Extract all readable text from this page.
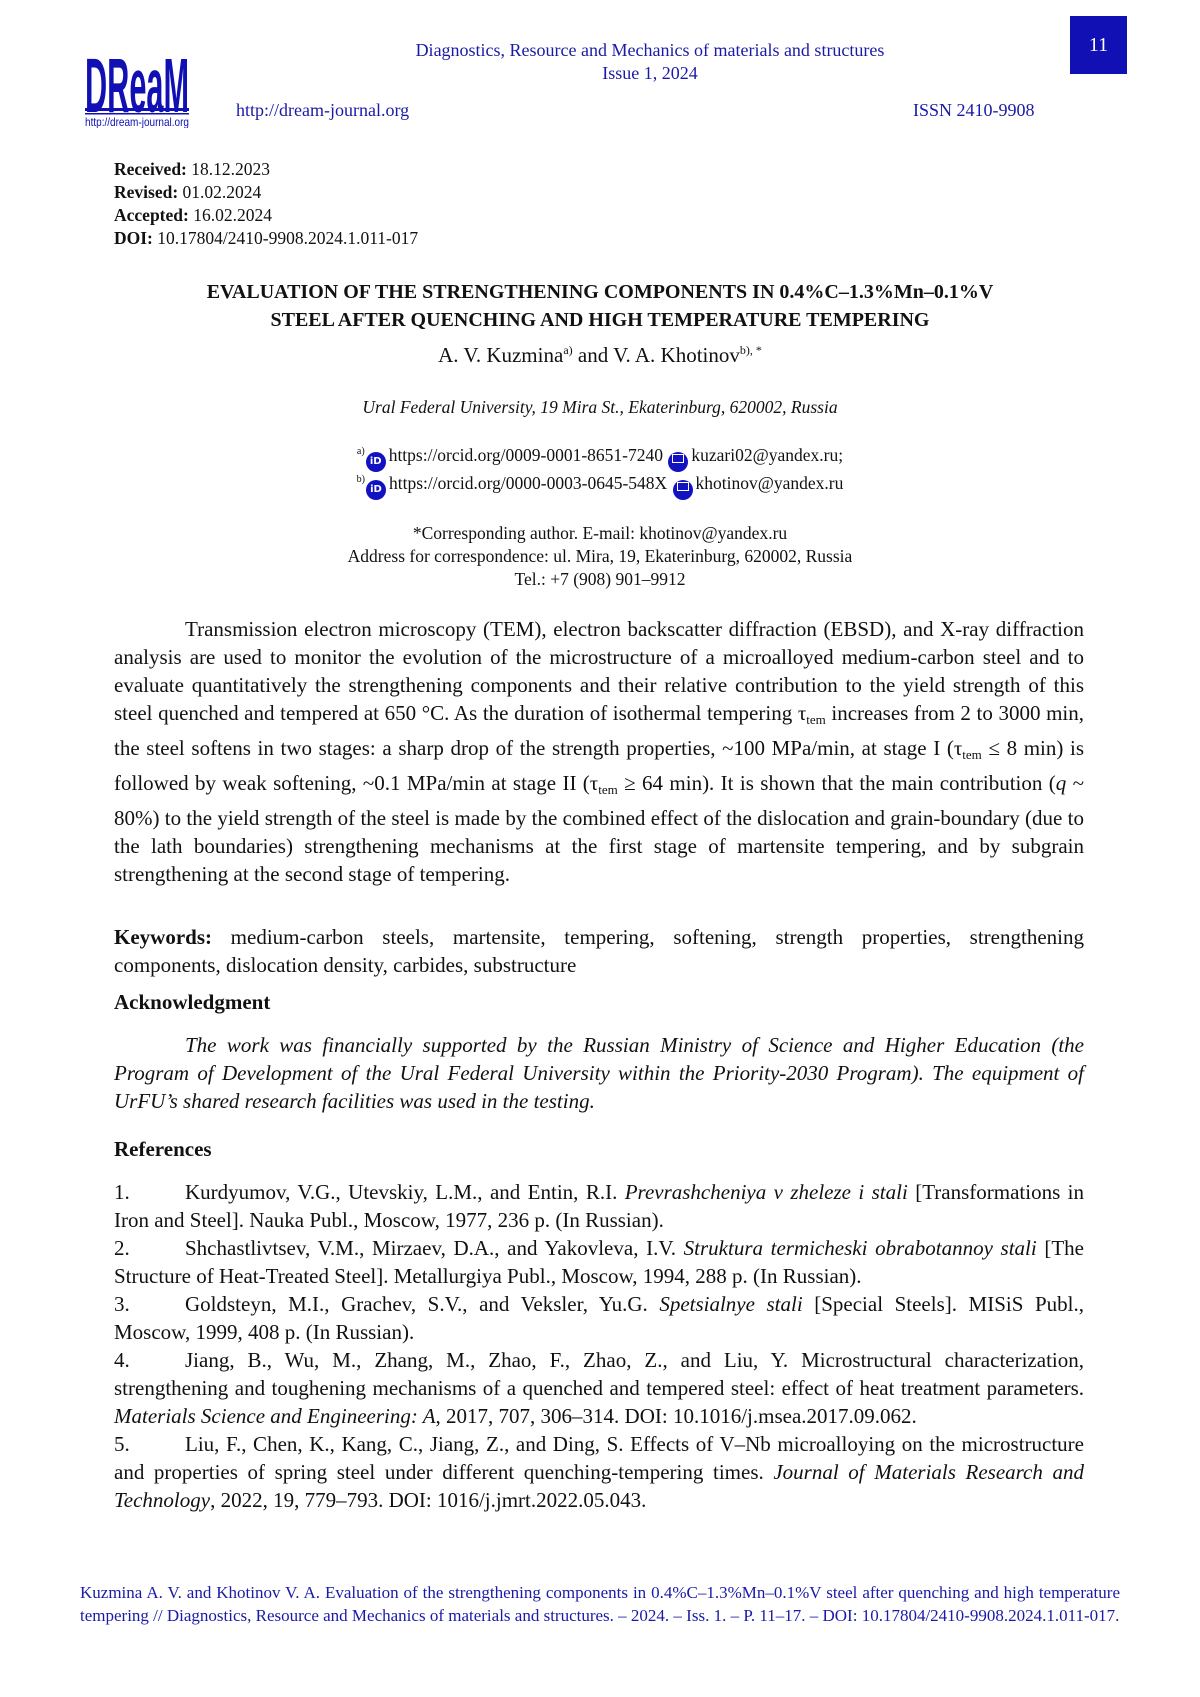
DReaM
http://dream-journal.org
Diagnostics, Resource and Mechanics of materials and structures
Issue 1, 2024
http://dream-journal.org	ISSN 2410-9908
11
Received: 18.12.2023
Revised: 01.02.2024
Accepted: 16.02.2024
DOI: 10.17804/2410-9908.2024.1.011-017
EVALUATION OF THE STRENGTHENING COMPONENTS IN 0.4%C–1.3%Mn–0.1%V
STEEL AFTER QUENCHING AND HIGH TEMPERATURE TEMPERING
A. V. Kuzminaa) and V. A. Khotinovb), *
Ural Federal University, 19 Mira St., Ekaterinburg, 620002, Russia
a)iD https://orcid.org/0009-0001-8651-7240 kuzari02@yandex.ru;
b)iD https://orcid.org/0000-0003-0645-548X khotinov@yandex.ru
*Corresponding author. E-mail: khotinov@yandex.ru
Address for correspondence: ul. Mira, 19, Ekaterinburg, 620002, Russia
Tel.: +7 (908) 901–9912
Transmission electron microscopy (TEM), electron backscatter diffraction (EBSD), and X-ray diffraction analysis are used to monitor the evolution of the microstructure of a microalloyed medium-carbon steel and to evaluate quantitatively the strengthening components and their relative contribution to the yield strength of this steel quenched and tempered at 650 °C. As the duration of isothermal tempering τtem increases from 2 to 3000 min, the steel softens in two stages: a sharp drop of the strength properties, ~100 MPa/min, at stage I (τtem ≤ 8 min) is followed by weak softening, ~0.1 MPa/min at stage II (τtem ≥ 64 min). It is shown that the main contribution (q ~ 80%) to the yield strength of the steel is made by the combined effect of the dislocation and grain-boundary (due to the lath boundaries) strengthening mechanisms at the first stage of martensite tempering, and by subgrain strengthening at the second stage of tempering.
Keywords: medium-carbon steels, martensite, tempering, softening, strength properties, strengthening components, dislocation density, carbides, substructure
Acknowledgment
The work was financially supported by the Russian Ministry of Science and Higher Education (the Program of Development of the Ural Federal University within the Priority-2030 Program). The equipment of UrFU’s shared research facilities was used in the testing.
References

1.	Kurdyumov, V.G., Utevskiy, L.M., and Entin, R.I. Prevrashcheniya v zheleze i stali [Transformations in Iron and Steel]. Nauka Publ., Moscow, 1977, 236 p. (In Russian).

2.	Shchastlivtsev, V.M., Mirzaev, D.A., and Yakovleva, I.V. Struktura termicheski obrabotannoy stali [The Structure of Heat-Treated Steel]. Metallurgiya Publ., Moscow, 1994, 288 p. (In Russian).

3.	Goldsteyn, M.I., Grachev, S.V., and Veksler, Yu.G. Spetsialnye stali [Special Steels]. MISiS Publ., Moscow, 1999, 408 p. (In Russian).

4.	Jiang, B., Wu, M., Zhang, M., Zhao, F., Zhao, Z., and Liu, Y. Microstructural characterization, strengthening and toughening mechanisms of a quenched and tempered steel: effect of heat treatment parameters. Materials Science and Engineering: A, 2017, 707, 306–314. DOI: 10.1016/j.msea.2017.09.062.

5.	Liu, F., Chen, K., Kang, C., Jiang, Z., and Ding, S. Effects of V–Nb microalloying on the microstructure and properties of spring steel under different quenching-tempering times. Journal of Materials Research and Technology, 2022, 19, 779–793. DOI: 1016/j.jmrt.2022.05.043.

Kuzmina A. V. and Khotinov V. A. Evaluation of the strengthening components in 0.4%C–1.3%Mn–0.1%V steel after quenching and high temperature tempering // Diagnostics, Resource and Mechanics of materials and structures. – 2024. – Iss. 1. – P. 11–17. – DOI: 10.17804/2410-9908.2024.1.011-017.
